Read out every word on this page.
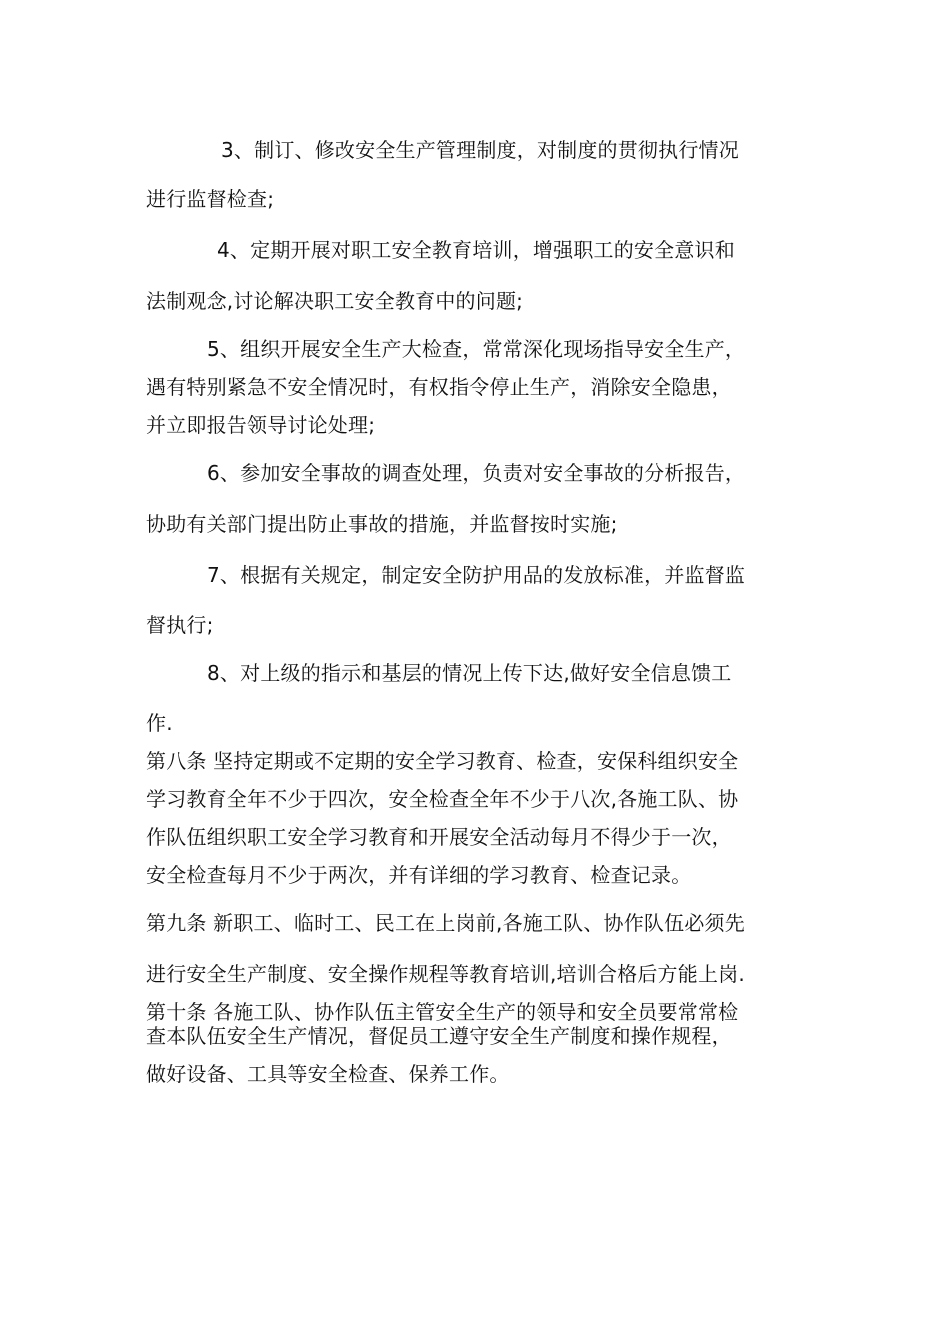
3、制订、修改安全生产管理制度，对制度的贯彻执行情况
进行监督检查;
4、定期开展对职工安全教育培训，增强职工的安全意识和
法制观念,讨论解决职工安全教育中的问题;
5、组织开展安全生产大检查，常常深化现场指导安全生产，
遇有特别紧急不安全情况时，有权指令停止生产，消除安全隐患，
并立即报告领导讨论处理;
6、参加安全事故的调查处理，负责对安全事故的分析报告，
协助有关部门提出防止事故的措施，并监督按时实施;
7、根据有关规定，制定安全防护用品的发放标准，并监督监
督执行;
8、对上级的指示和基层的情况上传下达,做好安全信息馈工
作.
第八条 坚持定期或不定期的安全学习教育、检查，安保科组织安全
学习教育全年不少于四次，安全检查全年不少于八次,各施工队、协
作队伍组织职工安全学习教育和开展安全活动每月不得少于一次，
安全检查每月不少于两次，并有详细的学习教育、检查记录。
第九条 新职工、临时工、民工在上岗前,各施工队、协作队伍必须先
进行安全生产制度、安全操作规程等教育培训,培训合格后方能上岗.
第十条 各施工队、协作队伍主管安全生产的领导和安全员要常常检
查本队伍安全生产情况，督促员工遵守安全生产制度和操作规程，
做好设备、工具等安全检查、保养工作。
